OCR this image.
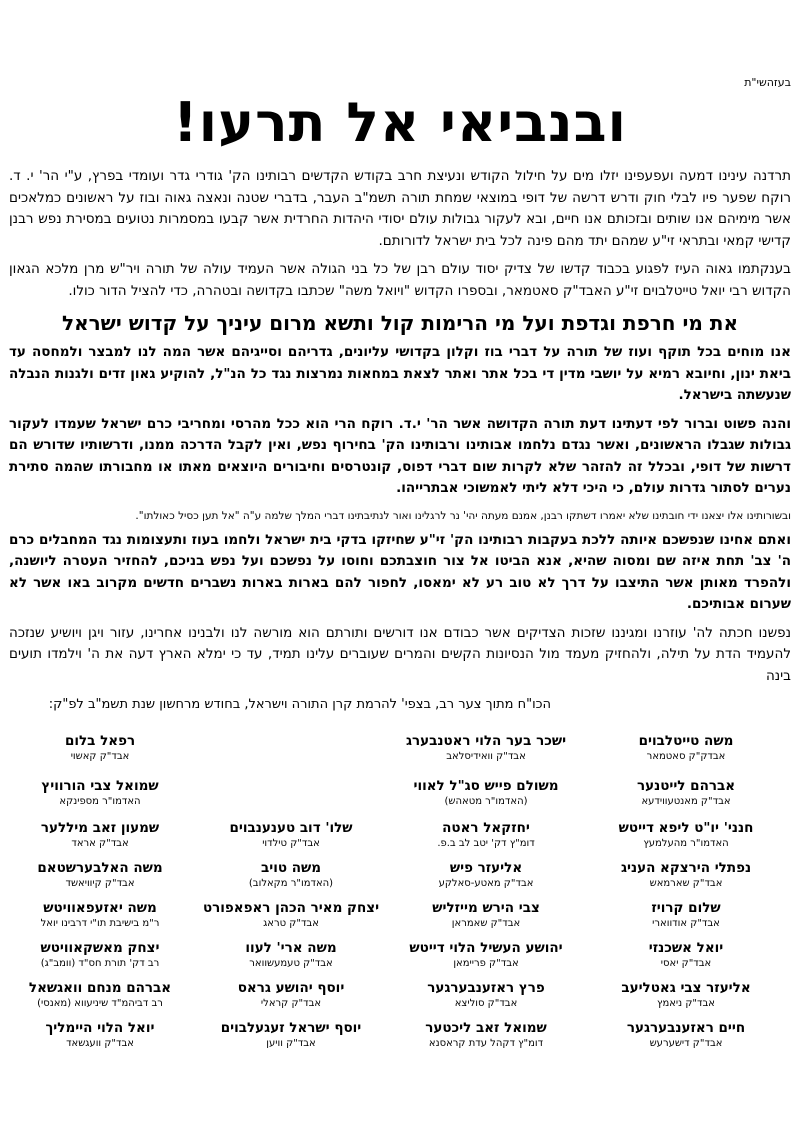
בעזהשי"ת
ובנביאי אל תרעו!

תרדנה עינינו דמעה ועפעפינו יזלו מים על חילול הקודש ונעיצת חרב בקודש הקדשים רבותינו הק' גודרי גדר ועומדי בפרץ, ע"י הר' י. ד. רוקח שפער פיו לבלי חוק ודרש דרשה של דופי במוצאי שמחת תורה תשמ"ב העבר, בדברי שטנה ונאצה גאוה ובוז על ראשונים כמלאכים אשר מימיהם אנו שותים ובזכותם אנו חיים, ובא לעקור גבולות עולם יסודי היהדות החרדית אשר קבעו במסמרות נטועים במסירת נפש רבנן קדישי קמאי ובתראי זי"ע שמהם יתד מהם פינה לכל בית ישראל לדורותם.

בענקתמו גאוה העיז לפגוע בכבוד קדשו של צדיק יסוד עולם רבן של כל בני הגולה אשר העמיד עולה של תורה ויר"ש מרן מלכא הגאון הקדוש רבי יואל טייטלבוים זי"ע האבד"ק סאטמאר, ובספרו הקדוש "ויואל משה" שכתבו בקדושה ובטהרה, כדי להציל הדור כולו.

את מי חרפת וגדפת ועל מי הרימות קול ותשא מרום עיניך על קדוש ישראל

אנו מוחים בכל תוקף ועוז של תורה על דברי בוז וקלון בקדושי עליונים, גדריהם וסייגיהם אשר המה לנו למבצר ולמחסה עד ביאת ינון, וחיובא רמיא על יושבי מדין די בכל אתר ואתר לצאת במחאות נמרצות נגד כל הנ"ל, להוקיע גאון זדים ולגנות הנבלה שנעשתה בישראל.

והנה פשוט וברור לפי דעתינו דעת תורה הקדושה אשר הר' י.ד. רוקח הרי הוא ככל מהרסי ומחריבי כרם ישראל שעמדו לעקור גבולות שגבלו הראשונים, ואשר נגדם נלחמו אבותינו ורבותינו הק' בחירוף נפש, ואין לקבל הדרכה ממנו, ודרשותיו שדורש הם דרשות של דופי, ובכלל זה להזהר שלא לקרות שום דברי דפוס, קונטרסים וחיבורים היוצאים מאתו או מחבורתו שהמה סתירת נערים לסתור גדרות עולם, כי היכי דלא ליתי לאמשוכי אבתרייהו.

ובשורותינו אלו יצאנו ידי חובתינו שלא יאמרו דשתקו רבנן, אמנם מעתה יהי' נר לרגלינו ואור לנתיבתינו דברי המלך שלמה ע"ה "אל תען כסיל כאולתו".

ואתם אחינו שנפשכם איותה ללכת בעקבות רבותינו הק' זי"ע שחיזקו בדקי בית ישראל ולחמו בעוז ותעצומות נגד המחבלים כרם ה' צב' תחת איזה שם ומסוה שהיא, אנא הביטו אל צור חוצבתכם וחוסו על נפשכם ועל נפש בניכם, להחזיר העטרה ליושנה, ולהפרד מאותן אשר התיצבו על דרך לא טוב רע לא ימאסו, לחפור להם בארות בארות נשברים חדשים מקרוב באו אשר לא שערום אבותיכם.

נפשנו חכתה לה' עוזרנו ומגיננו שזכות הצדיקים אשר כבודם אנו דורשים ותורתם הוא מורשה לנו ולבנינו אחרינו, עזור ויגן ויושיע שנזכה להעמיד הדת על תילה, ולהחזיק מעמד מול הנסיונות הקשים והמרים שעוברים עלינו תמיד, עד כי ימלא הארץ דעה את ה' וילמדו תועים בינה

הכו"ח מתוך צער רב, בצפי' להרמת קרן התורה וישראל, בחודש מרחשון שנת תשמ"ב לפ"ק:

משה טייטלבוים
אבדק"ק סאטמאר
אברהם לייטנער
אבד"ק מאנטעווידעא
חנני' יו"ט ליפא דייטש
האדמו"ר מהעלמעץ
נפתלי הירצקא העניג
אבד"ק שארמאש
שלום קרויז
אבד"ק אודווארי
יואל אשכנזי
אבד"ק יאסי
אליעזר צבי גאטליעב
אבד"ק ניאמץ
חיים ראזענבערגער
אבד"ק דישערעש
ישכר בער הלוי ראטנבערג
אבד"ק וואידיסלאב
משולם פייש סג"ל לאווי
(האדמו"ר מטאהש)
יחזקאל ראטה
דומ"ץ דק' יטב לב ב.פ.
אליעזר פיש
אבד"ק מאטע-סאלקע
צבי הירש מייזליש
אבד"ק שאמראן
יהושע העשיל הלוי דייטש
אבד"ק פריימאן
פרץ ראזענבערגער
אבד"ק סוליצא
שמואל זאב ליכטער
דומ"ץ דקהל עדת קראסנא
שלו' דוב טענענבוים
אבד"ק טילדוי
משה טויב
(האדמו"ר מקאלוב)
יצחק מאיר הכהן ראפאפורט
אבד"ק טראג
משה ארי' לעוו
אבד"ק טעמעשוואר
יוסף יהושע גראס
אבד"ק קראלי
יוסף ישראל זעגעלבוים
אבד"ק וויען
רפאל בלום
אבד"ק קאשוי
שמואל צבי הורוויץ
האדמו"ר מספינקא
שמעון זאב מיללער
אבד"ק אראד
משה האלבערשטאם
אבד"ק קיוויאשד
משה יאזעפאוויטש
ר"מ בישיבת תו"י דרבינו יואל
יצחק מאשקאוויטש
רב דק' תורת חס"ד (וומב"ג)
אברהם מנחם וואגשאל
רב דביהמ"ד שיניעווא (מאנסי)
יואל הלוי היימליך
אבד"ק וועגשאד
